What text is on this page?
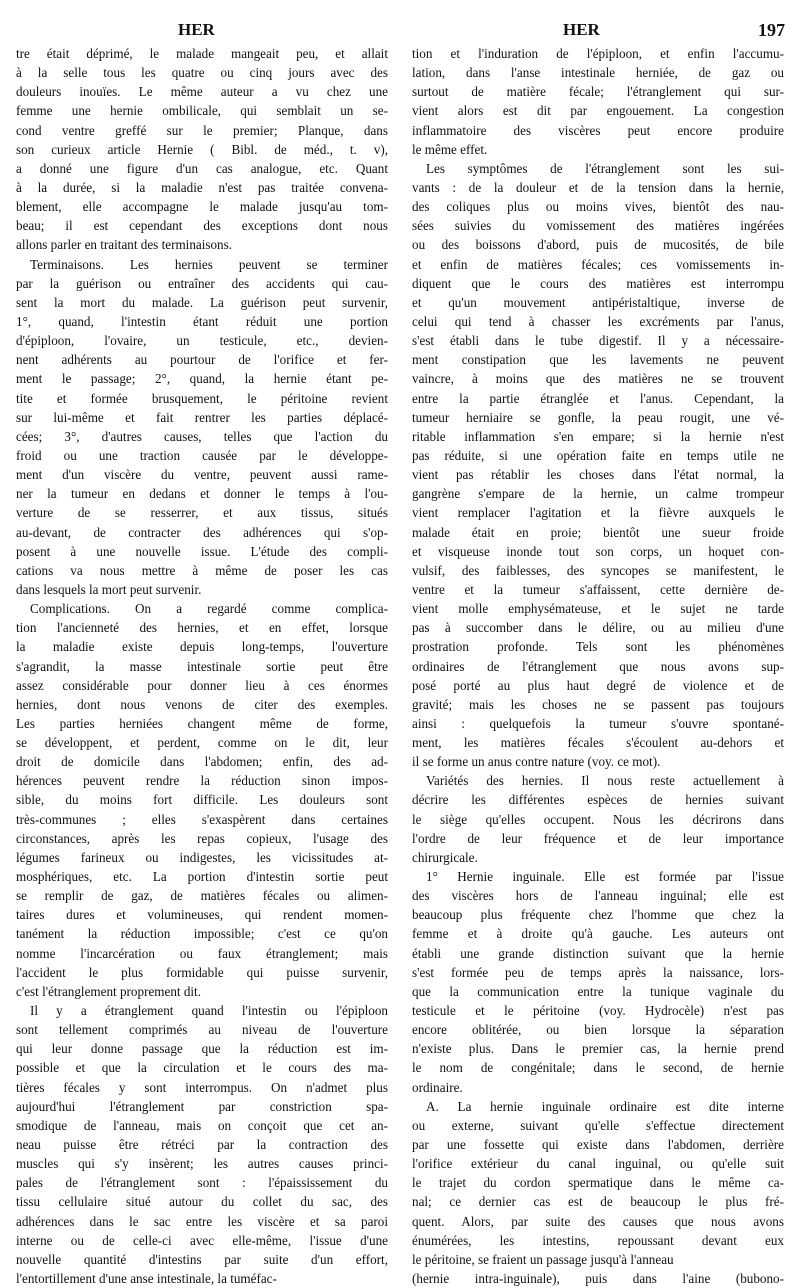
HER	HER	197
tre était déprimé, le malade mangeait peu, et allait
à la selle tous les quatre ou cinq jours avec des
douleurs inouïes. Le même auteur a vu chez une
femme une hernie ombilicale, qui semblait un se-
cond ventre greffé sur le premier; Planque, dans
son curieux article Hernie ( Bibl. de méd., t. v),
a donné une figure d'un cas analogue, etc. Quant
à la durée, si la maladie n'est pas traitée convena-
blement, elle accompagne le malade jusqu'au tom-
beau; il est cependant des exceptions dont nous
allons parler en traitant des terminaisons.
Terminaisons. Les hernies peuvent se terminer
par la guérison ou entraîner des accidents qui cau-
sent la mort du malade. La guérison peut survenir,
1°, quand, l'intestin étant réduit une portion
d'épiploon, l'ovaire, un testicule, etc., devien-
nent adhérents au pourtour de l'orifice et fer-
ment le passage; 2°, quand, la hernie étant pe-
tite et formée brusquement, le péritoine revient
sur lui-même et fait rentrer les parties déplacé-
cées; 3°, d'autres causes, telles que l'action du
froid ou une traction causée par le développe-
ment d'un viscère du ventre, peuvent aussi rame-
ner la tumeur en dedans et donner le temps à l'ou-
verture de se resserrer, et aux tissus, situés
au-devant, de contracter des adhérences qui s'op-
posent à une nouvelle issue. L'étude des compli-
cations va nous mettre à même de poser les cas
dans lesquels la mort peut survenir.
Complications. On a regardé comme complica-
tion l'ancienneté des hernies, et en effet, lorsque
la maladie existe depuis long-temps, l'ouverture
s'agrandit, la masse intestinale sortie peut être
assez considérable pour donner lieu à ces énormes
hernies, dont nous venons de citer des exemples.
Les parties herniées changent même de forme,
se développent, et perdent, comme on le dit, leur
droit de domicile dans l'abdomen; enfin, des ad-
hérences peuvent rendre la réduction sinon impos-
sible, du moins fort difficile. Les douleurs sont
très-communes ; elles s'exaspèrent dans certaines
circonstances, après les repas copieux, l'usage des
légumes farineux ou indigestes, les vicissitudes at-
mosphériques, etc. La portion d'intestin sortie peut
se remplir de gaz, de matières fécales ou alimen-
taires dures et volumineuses, qui rendent momen-
tanément la réduction impossible; c'est ce qu'on
nomme l'incarcération ou faux étranglement; mais
l'accident le plus formidable qui puisse survenir,
c'est l'étranglement proprement dit.
Il y a étranglement quand l'intestin ou l'épiploon
sont tellement comprimés au niveau de l'ouverture
qui leur donne passage que la réduction est im-
possible et que la circulation et le cours des ma-
tières fécales y sont interrompus. On n'admet plus
aujourd'hui l'étranglement par constriction spa-
smodique de l'anneau, mais on conçoit que cet an-
neau puisse être rétréci par la contraction des
muscles qui s'y insèrent; les autres causes princi-
pales de l'étranglement sont : l'épaississement du
tissu cellulaire situé autour du collet du sac, des
adhérences dans le sac entre les viscère et sa paroi
interne ou de celle-ci avec elle-même, l'issue d'une
nouvelle quantité d'intestins par suite d'un effort,
l'entortillement d'une anse intestinale, la tuméfac-
tion et l'induration de l'épiploon, et enfin l'accumu-
lation, dans l'anse intestinale herniée, de gaz ou
surtout de matière fécale; l'étranglement qui sur-
vient alors est dit par engouement. La congestion
inflammatoire des viscères peut encore produire
le même effet.
Les symptômes de l'étranglement sont les sui-
vants : de la douleur et de la tension dans la hernie,
des coliques plus ou moins vives, bientôt des nau-
sées suivies du vomissement des matières ingérées
ou des boissons d'abord, puis de mucosités, de bile
et enfin de matières fécales; ces vomissements in-
diquent que le cours des matières est interrompu
et qu'un mouvement antipéristaltique, inverse de
celui qui tend à chasser les excréments par l'anus,
s'est établi dans le tube digestif. Il y a nécessaire-
ment constipation que les lavements ne peuvent
vaincre, à moins que des matières ne se trouvent
entre la partie étranglée et l'anus. Cependant, la
tumeur herniaire se gonfle, la peau rougit, une vé-
ritable inflammation s'en empare; si la hernie n'est
pas réduite, si une opération faite en temps utile ne
vient pas rétablir les choses dans l'état normal, la
gangrène s'empare de la hernie, un calme trompeur
vient remplacer l'agitation et la fièvre auxquels le
malade était en proie; bientôt une sueur froide
et visqueuse inonde tout son corps, un hoquet con-
vulsif, des faiblesses, des syncopes se manifestent, le
ventre et la tumeur s'affaissent, cette dernière de-
vient molle emphysémateuse, et le sujet ne tarde
pas à succomber dans le délire, ou au milieu d'une
prostration profonde. Tels sont les phénomènes
ordinaires de l'étranglement que nous avons sup-
posé porté au plus haut degré de violence et de
gravité; mais les choses ne se passent pas toujours
ainsi : quelquefois la tumeur s'ouvre spontané-
ment, les matières fécales s'écoulent au-dehors et
il se forme un anus contre nature (voy. ce mot).
Variétés des hernies. Il nous reste actuellement à
décrire les différentes espèces de hernies suivant
le siège qu'elles occupent. Nous les décrirons dans
l'ordre de leur fréquence et de leur importance
chirurgicale.
1° Hernie inguinale. Elle est formée par l'issue
des viscères hors de l'anneau inguinal; elle est
beaucoup plus fréquente chez l'homme que chez la
femme et à droite qu'à gauche. Les auteurs ont
établi une grande distinction suivant que la hernie
s'est formée peu de temps après la naissance, lors-
que la communication entre la tunique vaginale du
testicule et le péritoine (voy. Hydrocèle) n'est pas
encore oblitérée, ou bien lorsque la séparation
n'existe plus. Dans le premier cas, la hernie prend
le nom de congénitale; dans le second, de hernie
ordinaire.
A. La hernie inguinale ordinaire est dite interne
ou externe, suivant qu'elle s'effectue directement
par une fossette qui existe dans l'abdomen, derrière
l'orifice extérieur du canal inguinal, ou qu'elle suit
le trajet du cordon spermatique dans le même ca-
nal; ce dernier cas est de beaucoup le plus fré-
quent. Alors, par suite des causes que nous avons
énumérées, les intestins, repoussant devant eux
le péritoine, se fraient un passage jusqu'à l'anneau
(hernie intra-inguinale), puis dans l'aine (bubono-
